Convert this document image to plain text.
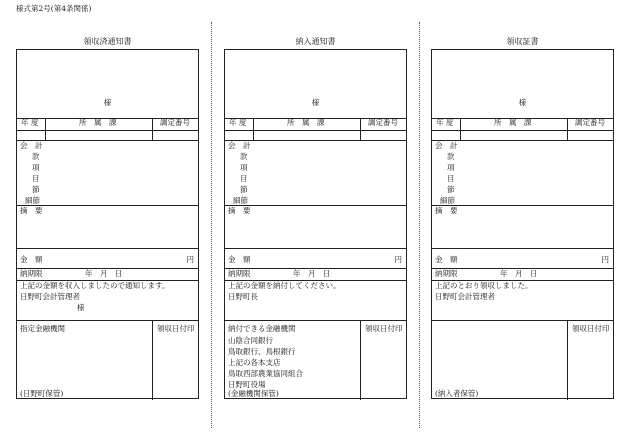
様式第2号(第4条関係)
領収済通知書
様
年 度	所　属　課	調定番号
会　計
款
項
目
節
細節
摘　要
金　額	円
納期限	年　月　日
上記の金額を収入しましたので通知します。
日野町会計管理者
様
領収日付印
指定金融機関
(日野町保管)
納入通知書
様
年 度	所　属　課	調定番号
会　計
款
項
目
節
細節
摘　要
金　額	円
納期限	年　月　日
上記の金額を納付してください。
日野町長
領収日付印
納付できる金融機関
山陰合同銀行
鳥取銀行、鳥根銀行
上記の各本支店
鳥取西部農業協同組合
日野町役場
(金融機関保管)
領収証書
様
年 度	所　属　課	調定番号
会　計
款
項
目
節
細節
摘　要
金　額	円
納期限	年　月　日
上記のとおり領収しました。
日野町会計管理者
領収日付印
(納入者保管)
